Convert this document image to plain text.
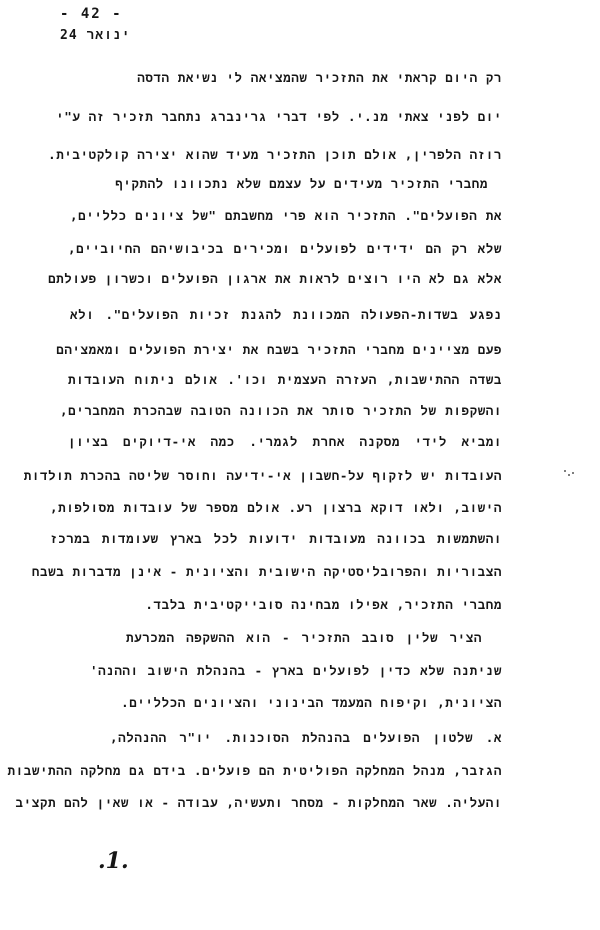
- 42 -
24 ינואר
רק היום קראתי את התזכיר שהמציאה לי נשיאת הדסה
יום לפני צאתי מנ.י. לפי דברי גרינברג נתחבר תזכיר זה ע"י
רוזה הלפרין, אולם תוכן התזכיר מעיד שהוא יצירה קולקטיבית.
מחברי התזכיר מעידים על עצמם שלא נתכוונו להתקיף
את הפועלים". התזכיר הוא פרי מחשבתם "של ציונים כלליים,
שלא רק הם ידידים לפועלים ומכירים בכיבושיהם החיוביים,
אלא גם לא היו רוצים לראות את ארגון הפועלים וכשרון פעולתם
נפגע בשדות-הפעולה המכוונת להגנת זכיות הפועלים". ולא
פעם מציינים מחברי התזכיר בשבח את יצירת הפועלים ומאמציהם
בשדה ההתישבות, העזרה העצמית וכו'. אולם ניתוח העובדות
והשקפות של התזכיר סותר את הכוונה הטובה שבהכרת המחברים,
ומביא לידי מסקנה אחרת לגמרי. כמה אי-דיוקים בציון
העובדות יש לזקוף על-חשבון אי-ידיעה וחוסר שליטה בהכרת תולדות
הישוב, ולאו דוקא ברצון רע. אולם מספר של עובדות מסולפות,
והשתמשות בכוונה מעובדות ידועות לכל בארץ שעומדות במרכז
הצבוריות והפרובליסטיקה הישובית והציונית - אינן מדברות בשבח
מחברי התזכיר, אפילו מבחינה סובייקטיבית בלבד.
הציר שלין סובב התזכיר - הוא ההשקפה המכרעת
שניתנה שלא כדין לפועלים בארץ - בהנהלת הישוב וההנה'
הציונית, וקיפוח המעמד הבינוני והציונים הכלליים.
א. שלטון הפועלים בהנהלת הסוכנות. יו"ר ההנהלה,
הגזבר, מנהל המחלקה הפוליטית הם פועלים. בידם גם מחלקה ההתישבות
והעליה. שאר המחלקות - מסחר ותעשיה, עבודה - או שאין להם תקציב
.1.
